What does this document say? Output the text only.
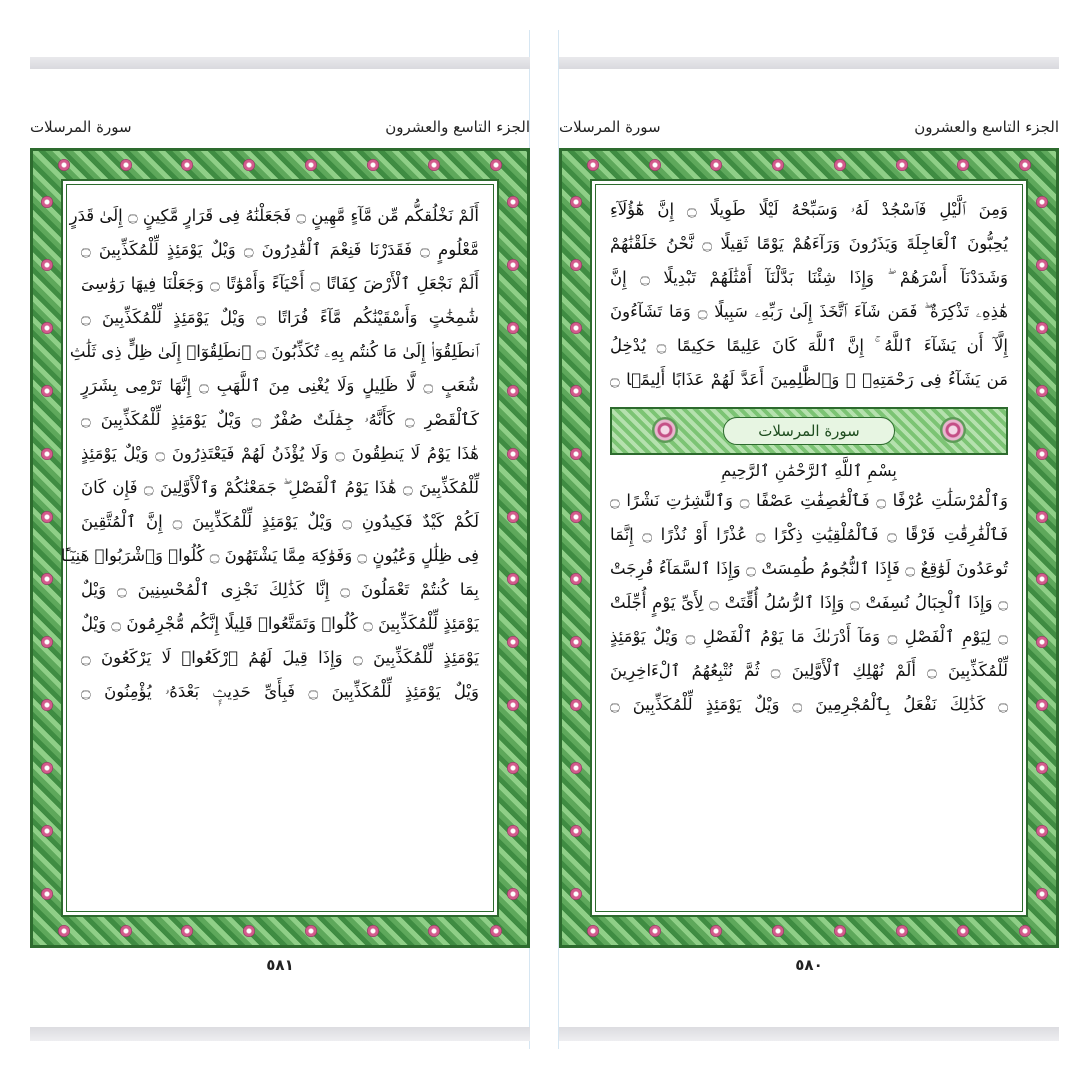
الجزء التاسع والعشرون
سورة المرسلات
أَلَمْ نَخْلُقكُّم مِّن مَّآءٍ مَّهِينٍ ۝ فَجَعَلْنَٰهُ فِى قَرَارٍ مَّكِينٍ ۝ إِلَىٰ قَدَرٍ
مَّعْلُومٍ ۝ فَقَدَرْنَا فَنِعْمَ ٱلْقَٰدِرُونَ ۝ وَيْلٌ يَوْمَئِذٍ لِّلْمُكَذِّبِينَ ۝
أَلَمْ نَجْعَلِ ٱلْأَرْضَ كِفَاتًا ۝ أَحْيَآءً وَأَمْوَٰتًا ۝ وَجَعَلْنَا فِيهَا رَوَٰسِىَ
شَٰمِخَٰتٍ وَأَسْقَيْنَٰكُم مَّآءً فُرَاتًا ۝ وَيْلٌ يَوْمَئِذٍ لِّلْمُكَذِّبِينَ ۝
ٱنطَلِقُوٓا۟ إِلَىٰ مَا كُنتُم بِهِۦ تُكَذِّبُونَ ۝ ٱنطَلِقُوٓا۟ إِلَىٰ ظِلٍّ ذِى ثَلَٰثِ
شُعَبٍ ۝ لَّا ظَلِيلٍ وَلَا يُغْنِى مِنَ ٱللَّهَبِ ۝ إِنَّهَا تَرْمِى بِشَرَرٍ
كَٱلْقَصْرِ ۝ كَأَنَّهُۥ جِمَٰلَتٌ صُفْرٌ ۝ وَيْلٌ يَوْمَئِذٍ لِّلْمُكَذِّبِينَ ۝
هَٰذَا يَوْمُ لَا يَنطِقُونَ ۝ وَلَا يُؤْذَنُ لَهُمْ فَيَعْتَذِرُونَ ۝ وَيْلٌ يَوْمَئِذٍ
لِّلْمُكَذِّبِينَ ۝ هَٰذَا يَوْمُ ٱلْفَصْلِ ۖ جَمَعْنَٰكُمْ وَٱلْأَوَّلِينَ ۝ فَإِن كَانَ
لَكُمْ كَيْدٌ فَكِيدُونِ ۝ وَيْلٌ يَوْمَئِذٍ لِّلْمُكَذِّبِينَ ۝ إِنَّ ٱلْمُتَّقِينَ
فِى ظِلَٰلٍ وَعُيُونٍ ۝ وَفَوَٰكِهَ مِمَّا يَشْتَهُونَ ۝ كُلُوا۟ وَٱشْرَبُوا۟ هَنِيٓـًٔا
بِمَا كُنتُمْ تَعْمَلُونَ ۝ إِنَّا كَذَٰلِكَ نَجْزِى ٱلْمُحْسِنِينَ ۝ وَيْلٌ
يَوْمَئِذٍ لِّلْمُكَذِّبِينَ ۝ كُلُوا۟ وَتَمَتَّعُوا۟ قَلِيلًا إِنَّكُم مُّجْرِمُونَ ۝ وَيْلٌ
يَوْمَئِذٍ لِّلْمُكَذِّبِينَ ۝ وَإِذَا قِيلَ لَهُمُ ٱرْكَعُوا۟ لَا يَرْكَعُونَ ۝
وَيْلٌ يَوْمَئِذٍ لِّلْمُكَذِّبِينَ ۝ فَبِأَىِّ حَدِيثٍۭ بَعْدَهُۥ يُؤْمِنُونَ ۝
٥٨١
الجزء التاسع والعشرون
سورة المرسلات
وَمِنَ ٱلَّيْلِ فَٱسْجُدْ لَهُۥ وَسَبِّحْهُ لَيْلًا طَوِيلًا ۝ إِنَّ هَٰٓؤُلَآءِ
يُحِبُّونَ ٱلْعَاجِلَةَ وَيَذَرُونَ وَرَآءَهُمْ يَوْمًا ثَقِيلًا ۝ نَّحْنُ خَلَقْنَٰهُمْ
وَشَدَدْنَآ أَسْرَهُمْ ۖ وَإِذَا شِئْنَا بَدَّلْنَآ أَمْثَٰلَهُمْ تَبْدِيلًا ۝ إِنَّ
هَٰذِهِۦ تَذْكِرَةٌ ۖ فَمَن شَآءَ ٱتَّخَذَ إِلَىٰ رَبِّهِۦ سَبِيلًا ۝ وَمَا تَشَآءُونَ
إِلَّآ أَن يَشَآءَ ٱللَّهُ ۚ إِنَّ ٱللَّهَ كَانَ عَلِيمًا حَكِيمًا ۝ يُدْخِلُ
مَن يَشَآءُ فِى رَحْمَتِهِۦ ۚ وَٱلظَّٰلِمِينَ أَعَدَّ لَهُمْ عَذَابًا أَلِيمًۢا ۝
سورة المرسلات
بِسْمِ ٱللَّهِ ٱلرَّحْمَٰنِ ٱلرَّحِيمِ
وَٱلْمُرْسَلَٰتِ عُرْفًا ۝ فَٱلْعَٰصِفَٰتِ عَصْفًا ۝ وَٱلنَّٰشِرَٰتِ نَشْرًا ۝
فَٱلْفَٰرِقَٰتِ فَرْقًا ۝ فَٱلْمُلْقِيَٰتِ ذِكْرًا ۝ عُذْرًا أَوْ نُذْرًا ۝ إِنَّمَا
تُوعَدُونَ لَوَٰقِعٌ ۝ فَإِذَا ٱلنُّجُومُ طُمِسَتْ ۝ وَإِذَا ٱلسَّمَآءُ فُرِجَتْ
۝ وَإِذَا ٱلْجِبَالُ نُسِفَتْ ۝ وَإِذَا ٱلرُّسُلُ أُقِّتَتْ ۝ لِأَىِّ يَوْمٍ أُجِّلَتْ
۝ لِيَوْمِ ٱلْفَصْلِ ۝ وَمَآ أَدْرَىٰكَ مَا يَوْمُ ٱلْفَصْلِ ۝ وَيْلٌ يَوْمَئِذٍ
لِّلْمُكَذِّبِينَ ۝ أَلَمْ نُهْلِكِ ٱلْأَوَّلِينَ ۝ ثُمَّ نُتْبِعُهُمُ ٱلْءَاخِرِينَ
۝ كَذَٰلِكَ نَفْعَلُ بِٱلْمُجْرِمِينَ ۝ وَيْلٌ يَوْمَئِذٍ لِّلْمُكَذِّبِينَ ۝
٥٨٠
